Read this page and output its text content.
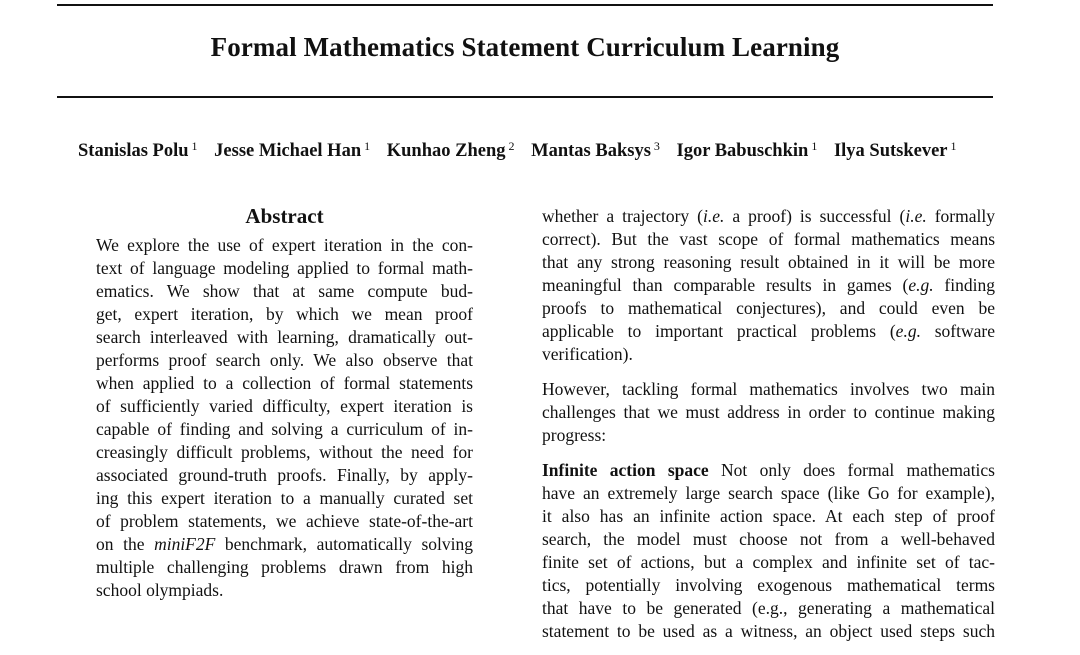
Formal Mathematics Statement Curriculum Learning
Stanislas Polu $^1$ Jesse Michael Han $^1$ Kunhao Zheng $^2$ Mantas Baksys $^3$ Igor Babuschkin $^1$ Ilya Sutskever $^1$
Abstract
We explore the use of expert iteration in the con-
text of language modeling applied to formal math-
ematics. We show that at same compute bud-
get, expert iteration, by which we mean proof
search interleaved with learning, dramatically out-
performs proof search only. We also observe that
when applied to a collection of formal statements
of sufficiently varied difficulty, expert iteration is
capable of finding and solving a curriculum of in-
creasingly difficult problems, without the need for
associated ground-truth proofs. Finally, by apply-
ing this expert iteration to a manually curated set
of problem statements, we achieve state-of-the-art
on the miniF2F benchmark, automatically solving
multiple challenging problems drawn from high
school olympiads.
whether a trajectory (i.e. a proof) is successful (i.e. formally
correct). But the vast scope of formal mathematics means
that any strong reasoning result obtained in it will be more
meaningful than comparable results in games (e.g. finding
proofs to mathematical conjectures), and could even be
applicable to important practical problems (e.g. software
verification).
However, tackling formal mathematics involves two main
challenges that we must address in order to continue making
progress:
Infinite action space Not only does formal mathematics
have an extremely large search space (like Go for example),
it also has an infinite action space. At each step of proof
search, the model must choose not from a well-behaved
finite set of actions, but a complex and infinite set of tac-
tics, potentially involving exogenous mathematical terms
that have to be generated (e.g., generating a mathematical
statement to be used as a witness, an object used steps such
